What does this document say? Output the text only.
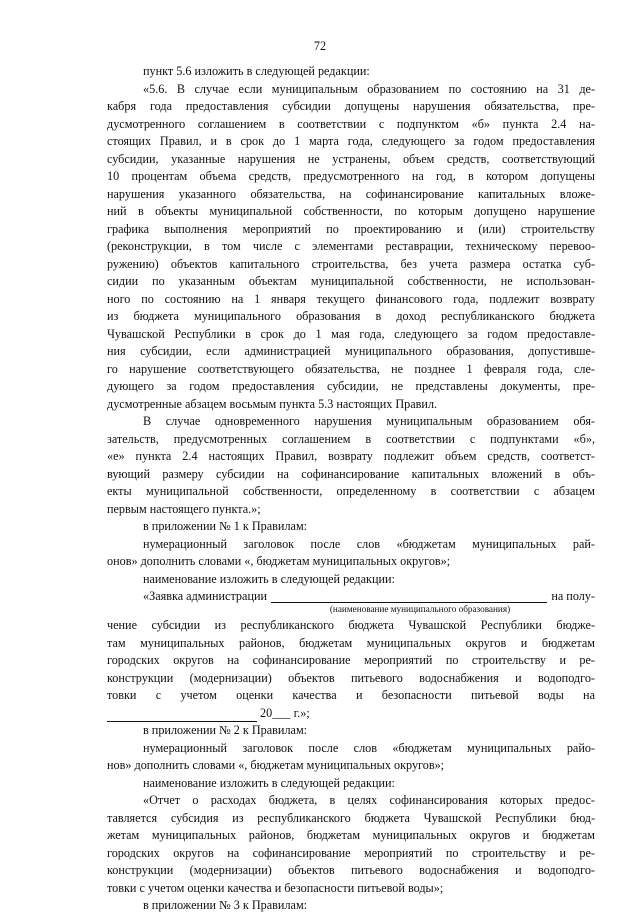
72
пункт 5.6 изложить в следующей редакции:
«5.6. В случае если муниципальным образованием по состоянию на 31 де-
кабря года предоставления субсидии допущены нарушения обязательства, пре-
дусмотренного соглашением в соответствии с подпунктом «б» пункта 2.4 на-
стоящих Правил, и в срок до 1 марта года, следующего за годом предоставления
субсидии, указанные нарушения не устранены, объем средств, соответствующий
10 процентам объема средств, предусмотренного на год, в котором допущены
нарушения указанного обязательства, на софинансирование капитальных вложе-
ний в объекты муниципальной собственности, по которым допущено нарушение
графика выполнения мероприятий по проектированию и (или) строительству
(реконструкции, в том числе с элементами реставрации, техническому перевоо-
ружению) объектов капитального строительства, без учета размера остатка суб-
сидии по указанным объектам муниципальной собственности, не использован-
ного по состоянию на 1 января текущего финансового года, подлежит возврату
из бюджета муниципального образования в доход республиканского бюджета
Чувашской Республики в срок до 1 мая года, следующего за годом предоставле-
ния субсидии, если администрацией муниципального образования, допустивше-
го нарушение соответствующего обязательства, не позднее 1 февраля года, сле-
дующего за годом предоставления субсидии, не представлены документы, пре-
дусмотренные абзацем восьмым пункта 5.3 настоящих Правил.
В случае одновременного нарушения муниципальным образованием обя-
зательств, предусмотренных соглашением в соответствии с подпунктами «б»,
«е» пункта 2.4 настоящих Правил, возврату подлежит объем средств, соответст-
вующий размеру субсидии на софинансирование капитальных вложений в объ-
екты муниципальной собственности, определенному в соответствии с абзацем
первым настоящего пункта.»;
в приложении № 1 к Правилам:
нумерационный заголовок после слов «бюджетам муниципальных рай-
онов» дополнить словами «, бюджетам муниципальных округов»;
наименование изложить в следующей редакции:
«Заявка администрации	на полу-
(наименование муниципального образования)
чение субсидии из республиканского бюджета Чувашской Республики бюдже-
там муниципальных районов, бюджетам муниципальных округов и бюджетам
городских округов на софинансирование мероприятий по строительству и ре-
конструкции (модернизации) объектов питьевого водоснабжения и водоподго-
товки с учетом оценки качества и безопасности питьевой воды на
20___ г.»;
в приложении № 2 к Правилам:
нумерационный заголовок после слов «бюджетам муниципальных райо-
нов» дополнить словами «, бюджетам муниципальных округов»;
наименование изложить в следующей редакции:
«Отчет о расходах бюджета, в целях софинансирования которых предос-
тавляется субсидия из республиканского бюджета Чувашской Республики бюд-
жетам муниципальных районов, бюджетам муниципальных округов и бюджетам
городских округов на софинансирование мероприятий по строительству и ре-
конструкции (модернизации) объектов питьевого водоснабжения и водоподго-
товки с учетом оценки качества и безопасности питьевой воды»;
в приложении № 3 к Правилам:
